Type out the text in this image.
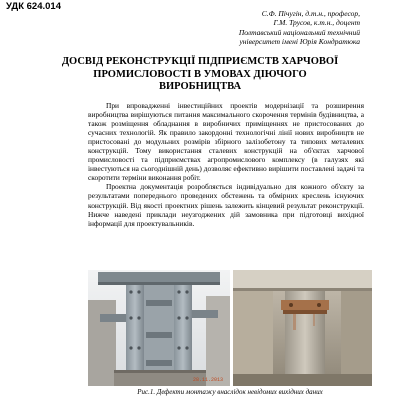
УДК 624.014
С.Ф. Пічугін, д.т.н., професор,
Г.М. Трусов, к.т.н., доцент
Полтавський національний технічний
університет імені Юрія Кондратюка
ДОСВІД РЕКОНСТРУКЦІЇ ПІДПРИЄМСТВ ХАРЧОВОЇ
ПРОМИСЛОВОСТІ В УМОВАХ ДІЮЧОГО
ВИРОБНИЦТВА

При впровадженні інвестиційних проектів модернізації та розширення виробництва вирішуються питання максимального скорочення термінів будівництва, а також розміщення обладнання в виробничих приміщеннях не пристосованих до сучасних технологій. Як правило закордонні технологічні лінії нових виробництв не пристосовані до модульних розмірів збірного залізобетону та типових металевих конструкцій. Тому використання сталевих конструкцій на об'єктах харчової промисловості та підприємствах агропромислового комплексу (в галузях які інвестуються на сьогоднішній день) дозволяє ефективно вирішити поставлені задачі та скоротити терміни виконання робіт.

Проектна документація розробляється індивідуально для кожного об'єкту за результатами попереднього проведених обстежень та обмірних креслень існуючих конструкцій. Від якості проектних рішень залежить кінцевий результат реконструкції. Нижче наведені приклади неузгоджених дій замовника при підготовці вихідної інформації для проектувальників.

28.11.2013
Рис.1. Дефекти монтажу внаслідок невідомих вихідних даних
